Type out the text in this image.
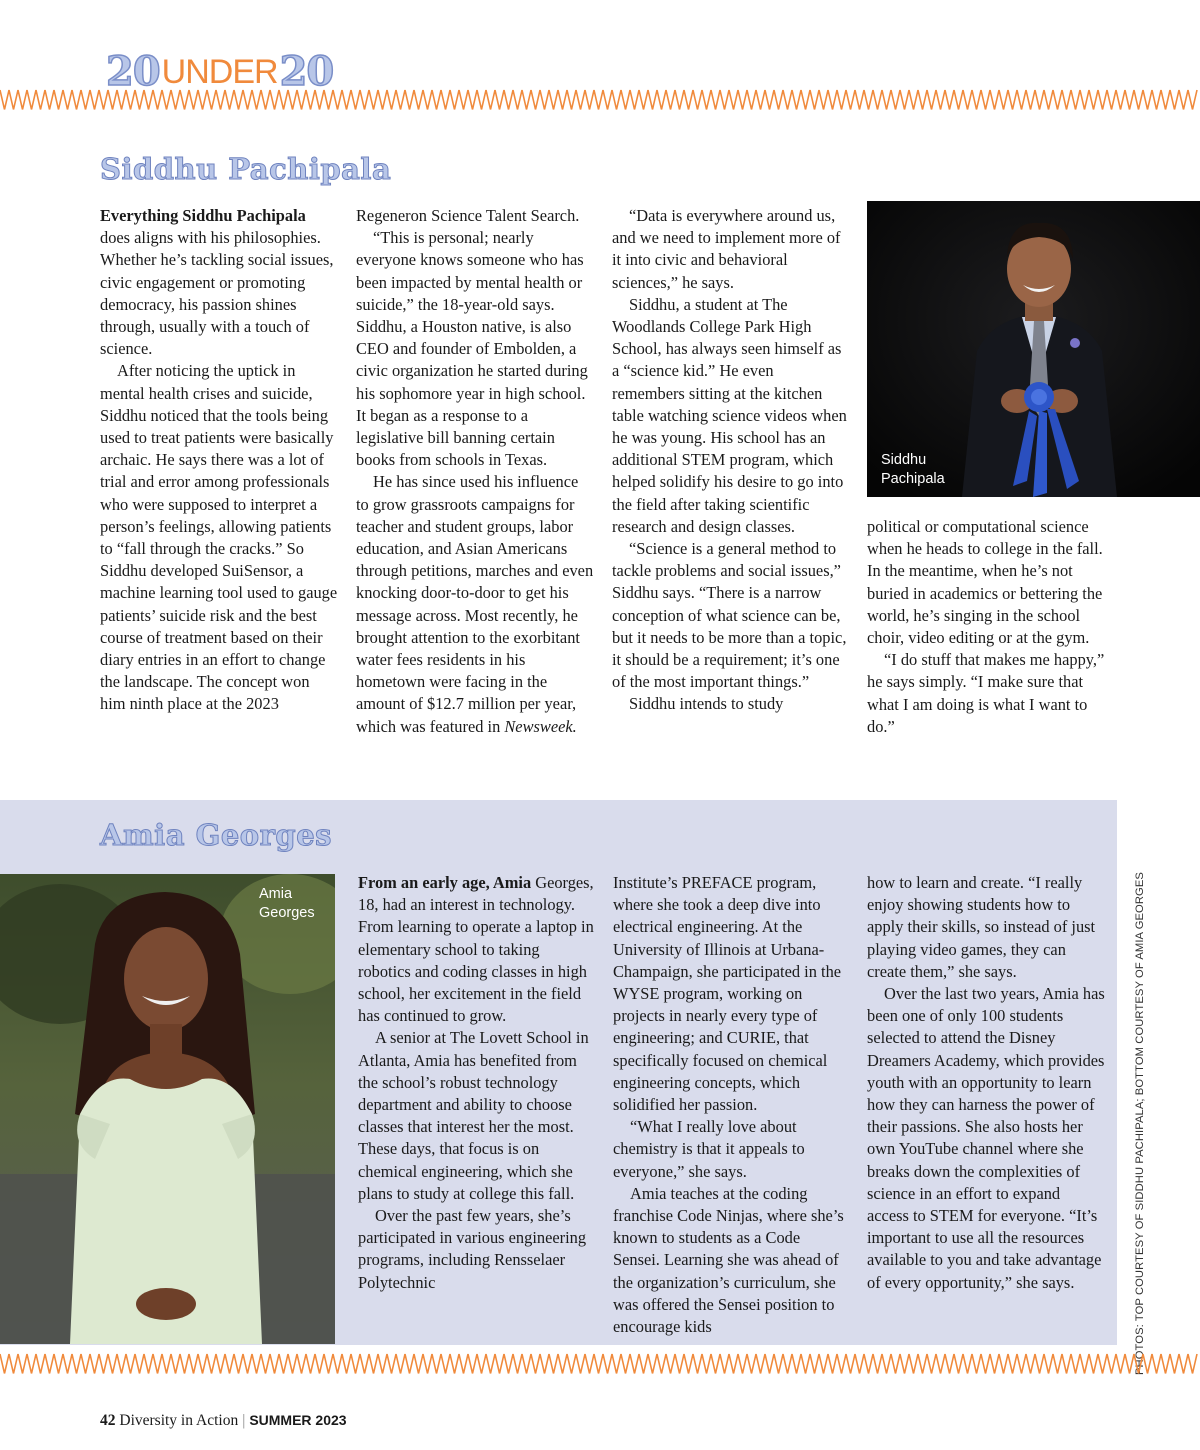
20 UNDER 20
Siddhu Pachipala

Everything Siddhu Pachipala does aligns with his philosophies. Whether he’s tackling social issues, civic engagement or promoting democracy, his passion shines through, usually with a touch of science.

After noticing the uptick in mental health crises and suicide, Siddhu noticed that the tools being used to treat patients were basically archaic. He says there was a lot of trial and error among professionals who were supposed to interpret a person’s feelings, allowing patients to “fall through the cracks.” So Siddhu developed SuiSensor, a machine learning tool used to gauge patients’ suicide risk and the best course of treatment based on their diary entries in an effort to change the landscape. The concept won him ninth place at the 2023

Regeneron Science Talent Search.

“This is personal; nearly everyone knows someone who has been impacted by mental health or suicide,” the 18-year-old says. Siddhu, a Houston native, is also CEO and founder of Embolden, a civic organization he started during his sophomore year in high school. It began as a response to a legislative bill banning certain books from schools in Texas.

He has since used his influence to grow grassroots campaigns for teacher and student groups, labor education, and Asian Americans through petitions, marches and even knocking door-to-door to get his message across. Most recently, he brought attention to the exorbitant water fees residents in his hometown were facing in the amount of $12.7 million per year, which was featured in Newsweek.

“Data is everywhere around us, and we need to implement more of it into civic and behavioral sciences,” he says.

Siddhu, a student at The Woodlands College Park High School, has always seen himself as a “science kid.” He even remembers sitting at the kitchen table watching science videos when he was young. His school has an additional STEM program, which helped solidify his desire to go into the field after taking scientific research and design classes.

“Science is a general method to tackle problems and social issues,” Siddhu says. “There is a narrow conception of what science can be, but it needs to be more than a topic, it should be a requirement; it’s one of the most important things.”

Siddhu intends to study

political or computational science when he heads to college in the fall. In the meantime, when he’s not buried in academics or bettering the world, he’s singing in the school choir, video editing or at the gym.

“I do stuff that makes me happy,” he says simply. “I make sure that what I am doing is what I want to do.”

Siddhu
Pachipala
Amia Georges
Amia
Georges

From an early age, Amia Georges, 18, had an interest in technology. From learning to operate a laptop in elementary school to taking robotics and coding classes in high school, her excitement in the field has continued to grow.

A senior at The Lovett School in Atlanta, Amia has benefited from the school’s robust technology department and ability to choose classes that interest her the most. These days, that focus is on chemical engineering, which she plans to study at college this fall.

Over the past few years, she’s participated in various engineering programs, including Rensselaer Polytechnic

Institute’s PREFACE program, where she took a deep dive into electrical engineering. At the University of Illinois at Urbana-Champaign, she participated in the WYSE program, working on projects in nearly every type of engineering; and CURIE, that specifically focused on chemical engineering concepts, which solidified her passion.

“What I really love about chemistry is that it appeals to everyone,” she says.

Amia teaches at the coding franchise Code Ninjas, where she’s known to students as a Code Sensei. Learning she was ahead of the organization’s curriculum, she was offered the Sensei position to encourage kids

how to learn and create. “I really enjoy showing students how to apply their skills, so instead of just playing video games, they can create them,” she says.

Over the last two years, Amia has been one of only 100 students selected to attend the Disney Dreamers Academy, which provides youth with an opportunity to learn how they can harness the power of their passions. She also hosts her own YouTube channel where she breaks down the complexities of science in an effort to expand access to STEM for everyone. “It’s important to use all the resources available to you and take advantage of every opportunity,” she says.	PHOTOS: TOP COURTESY OF SIDDHU PACHIPALA; BOTTOM COURTESY OF AMIA GEORGES
42 Diversity in Action | SUMMER 2023
